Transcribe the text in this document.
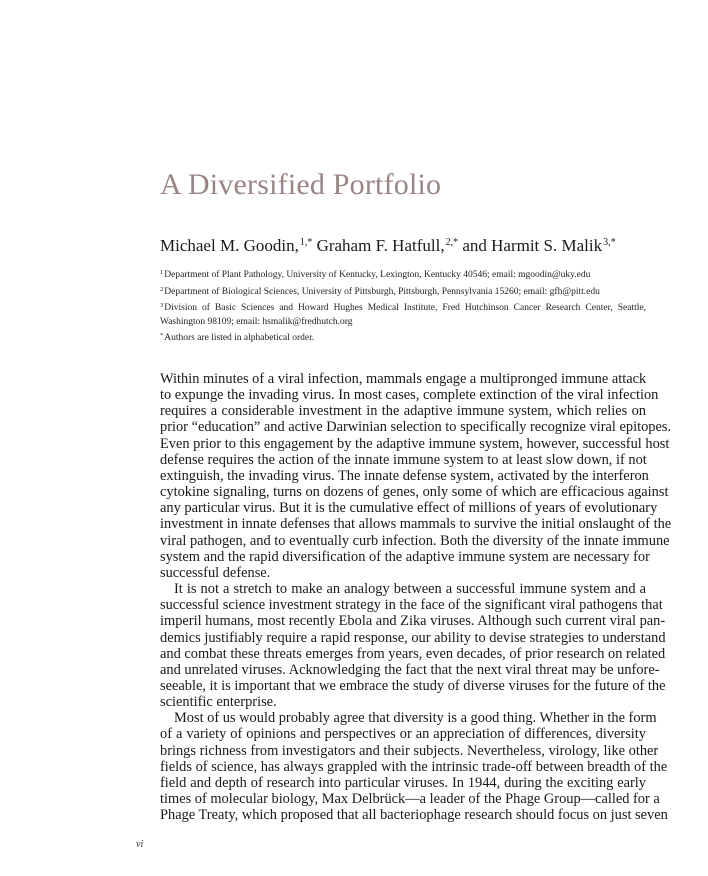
A Diversified Portfolio
Michael M. Goodin,$^{1,*}$ Graham F. Hatfull,$^{2,*}$ and Harmit S. Malik$^{3,*}$
$^1$Department of Plant Pathology, University of Kentucky, Lexington, Kentucky 40546; email: mgoodin@uky.edu
$^2$Department of Biological Sciences, University of Pittsburgh, Pittsburgh, Pennsylvania 15260; email: gfh@pitt.edu
$^3$Division of Basic Sciences and Howard Hughes Medical Institute, Fred Hutchinson Cancer Research Center, Seattle,
Washington 98109; email: hsmalik@fredhutch.org
*Authors are listed in alphabetical order.
Within minutes of a viral infection, mammals engage a multipronged immune attack
to expunge the invading virus. In most cases, complete extinction of the viral infection
requires a considerable investment in the adaptive immune system, which relies on
prior “education” and active Darwinian selection to specifically recognize viral epitopes.
Even prior to this engagement by the adaptive immune system, however, successful host
defense requires the action of the innate immune system to at least slow down, if not
extinguish, the invading virus. The innate defense system, activated by the interferon
cytokine signaling, turns on dozens of genes, only some of which are efficacious against
any particular virus. But it is the cumulative effect of millions of years of evolutionary
investment in innate defenses that allows mammals to survive the initial onslaught of the
viral pathogen, and to eventually curb infection. Both the diversity of the innate immune
system and the rapid diversification of the adaptive immune system are necessary for
successful defense.
It is not a stretch to make an analogy between a successful immune system and a
successful science investment strategy in the face of the significant viral pathogens that
imperil humans, most recently Ebola and Zika viruses. Although such current viral pan-
demics justifiably require a rapid response, our ability to devise strategies to understand
and combat these threats emerges from years, even decades, of prior research on related
and unrelated viruses. Acknowledging the fact that the next viral threat may be unfore-
seeable, it is important that we embrace the study of diverse viruses for the future of the
scientific enterprise.
Most of us would probably agree that diversity is a good thing. Whether in the form
of a variety of opinions and perspectives or an appreciation of differences, diversity
brings richness from investigators and their subjects. Nevertheless, virology, like other
fields of science, has always grappled with the intrinsic trade-off between breadth of the
field and depth of research into particular viruses. In 1944, during the exciting early
times of molecular biology, Max Delbrück—a leader of the Phage Group—called for a
Phage Treaty, which proposed that all bacteriophage research should focus on just seven
vi
